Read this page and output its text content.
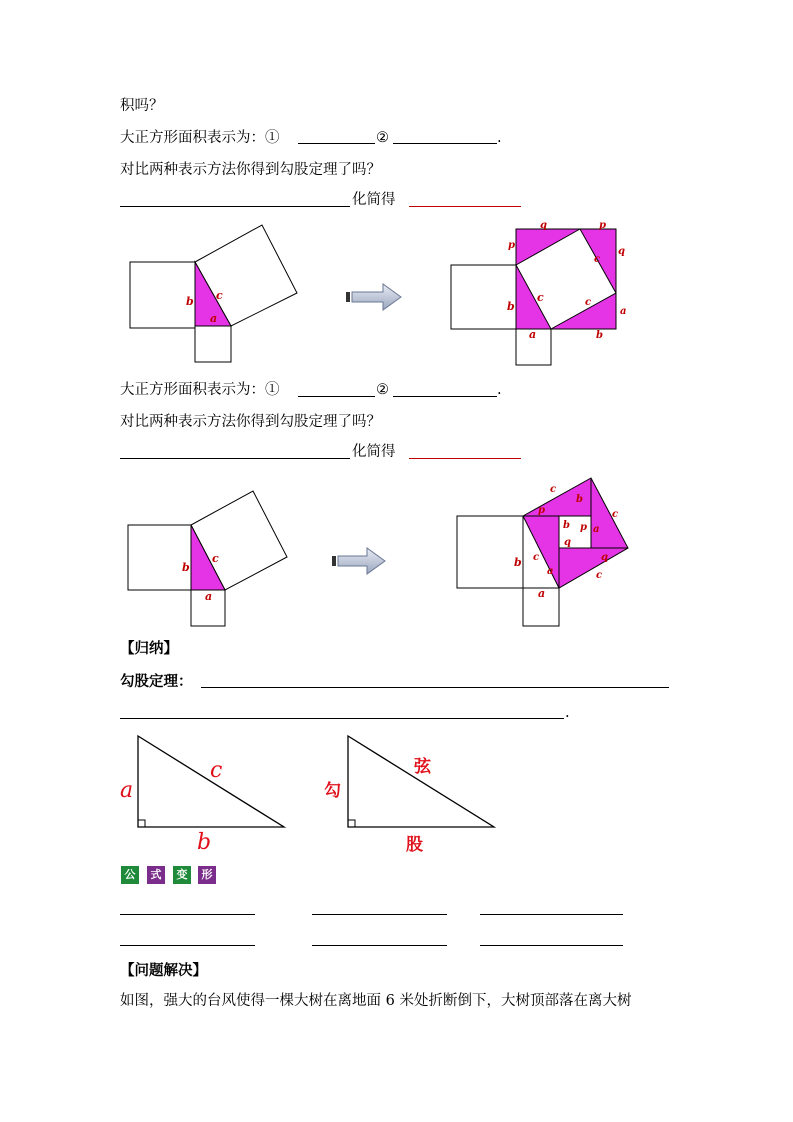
积吗？
大正方形面积表示为：①	②	.
对比两种表示方法你得到勾股定理了吗？
化简得
b c
a
b
c
a
p
q
a
b
c
c
q
p
大正方形面积表示为：①	②	.
对比两种表示方法你得到勾股定理了吗？
化简得
b
c
a
b
a
c
c
c
c
p
b
b
p a
q
q
a
【归纳】
勾股定理：
.
a
c
b
勾
弦
股
公	式	变	形
【问题解决】
如图，强大的台风使得一棵大树在离地面 6 米处折断倒下，大树顶部落在离大树
